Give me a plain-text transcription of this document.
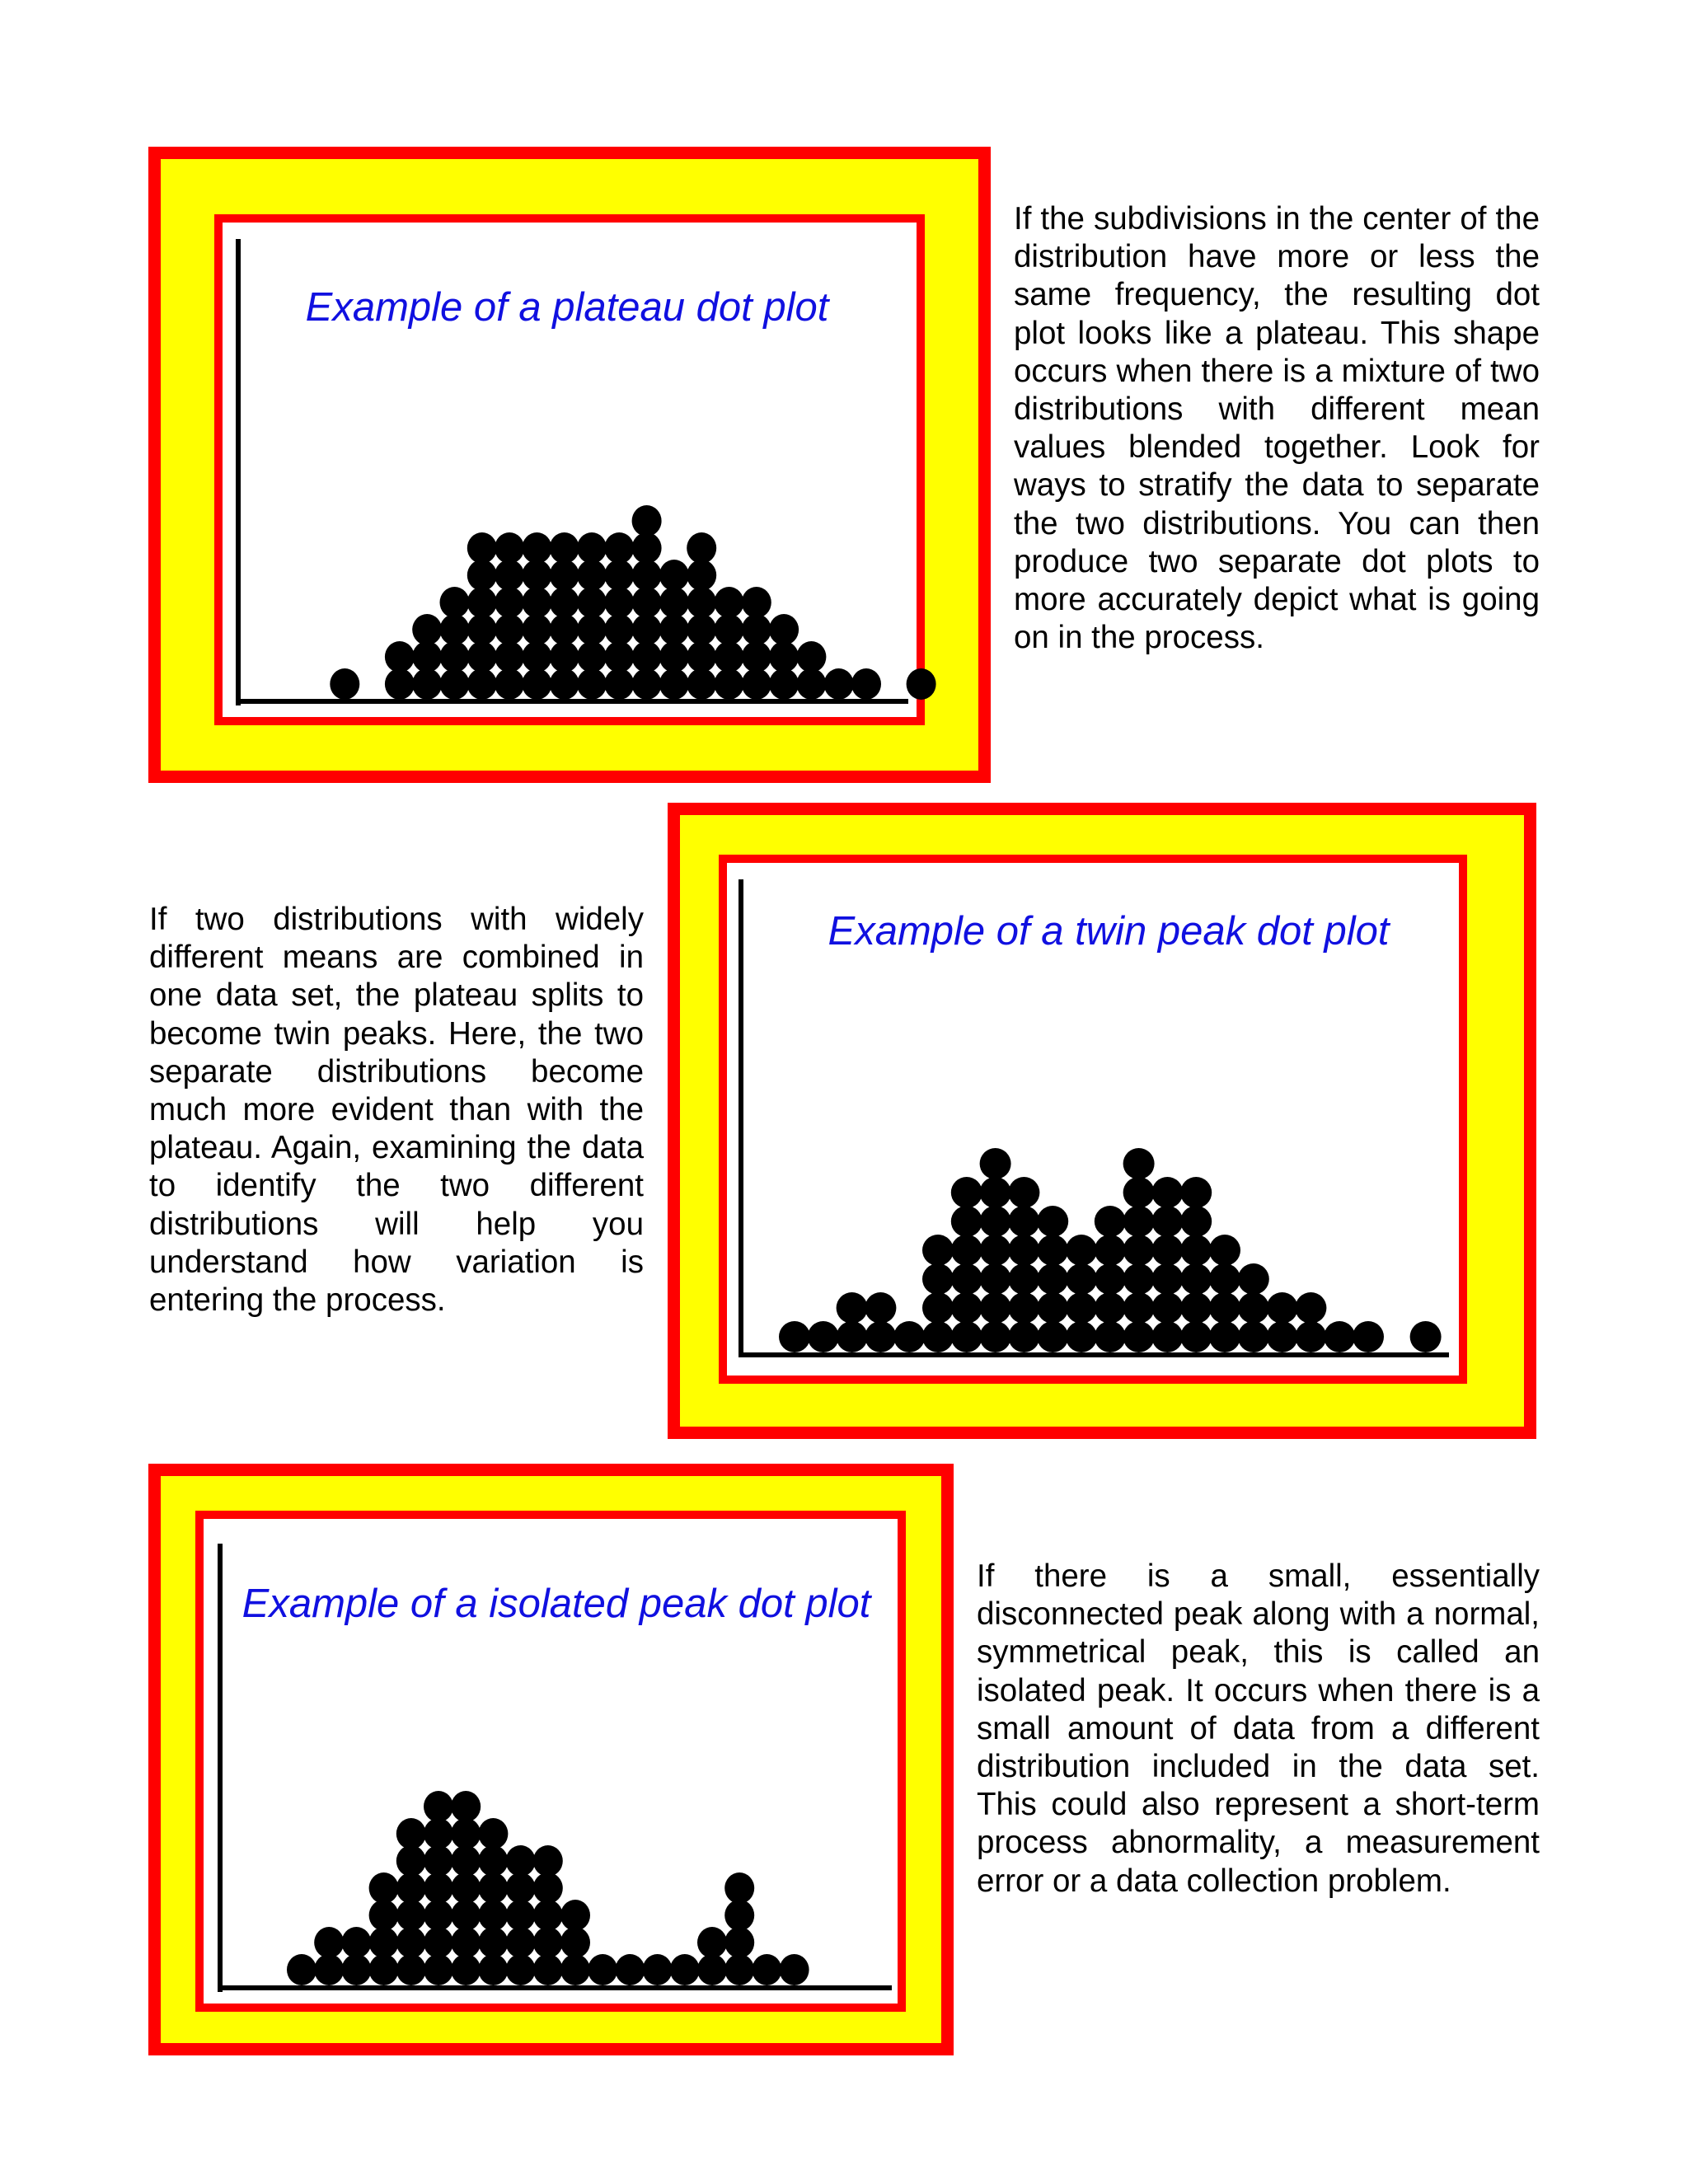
Example of a plateau dot plot
If the subdivisions in the center of the distribution have more or less the same frequency, the resulting dot plot looks like a plateau. This shape occurs when there is a mixture of two distributions with different mean values blended together. Look for ways to stratify the data to separate the two distributions. You can then produce two separate dot plots to more accurately depict what is going on in the process.
Example of a twin peak dot plot
If two distributions with widely different means are combined in one data set, the plateau splits to become twin peaks. Here, the two separate distributions become much more evident than with the plateau. Again, examining the data to identify the two different distributions will help you understand how variation is entering the process.
Example of a isolated peak dot plot
If there is a small, essentially disconnected peak along with a normal, symmetrical peak, this is called an isolated peak. It occurs when there is a small amount of data from a different distribution included in the data set. This could also represent a short-term process abnormality, a measurement error or a data collection problem.
